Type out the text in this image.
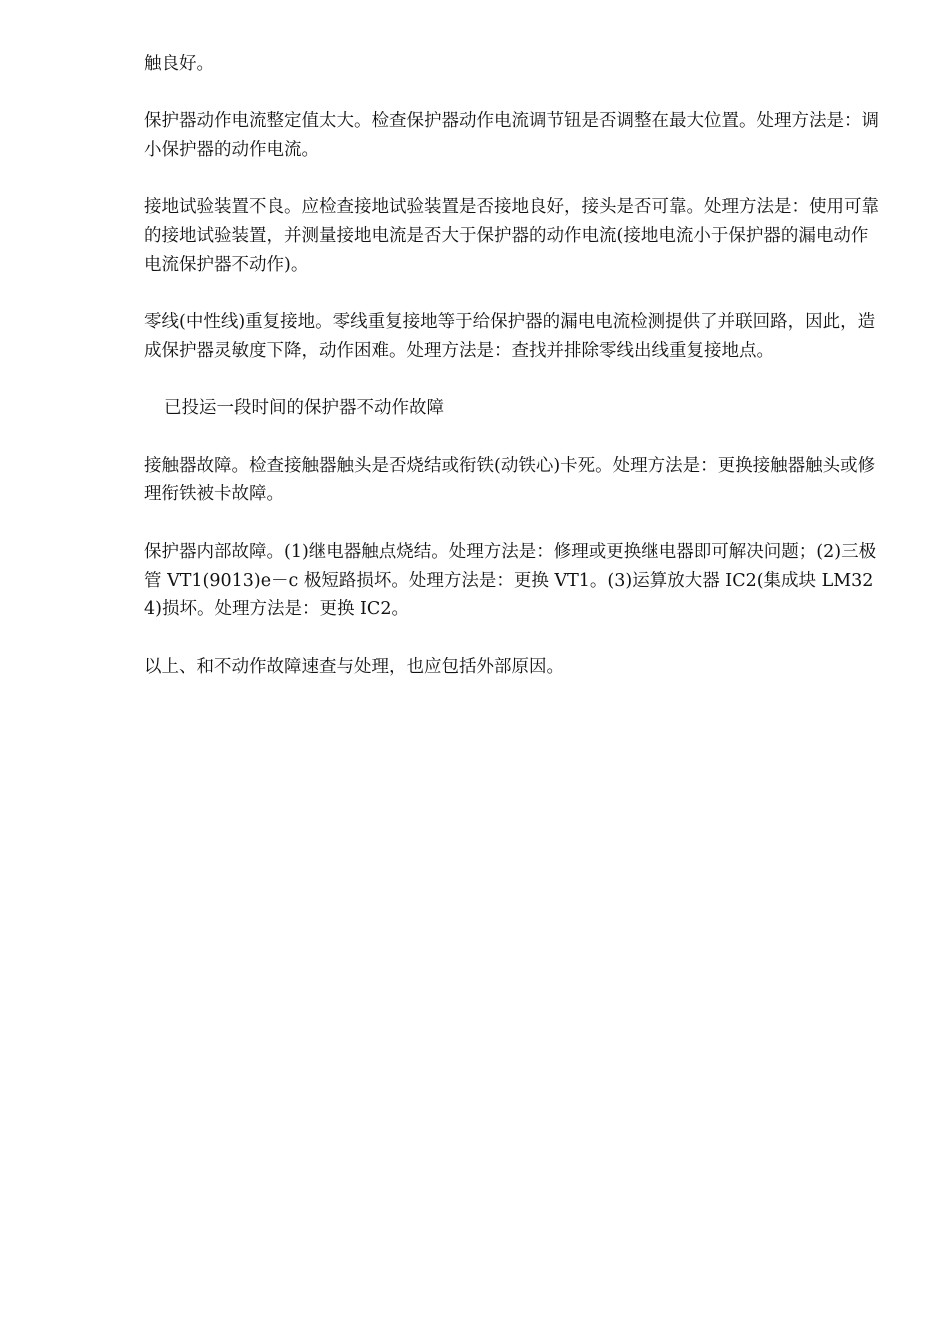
触良好。

保护器动作电流整定值太大。检查保护器动作电流调节钮是否调整在最大位置。处理方法是：调小保护器的动作电流。

接地试验装置不良。应检查接地试验装置是否接地良好，接头是否可靠。处理方法是：使用可靠的接地试验装置，并测量接地电流是否大于保护器的动作电流(接地电流小于保护器的漏电动作电流保护器不动作)。

零线(中性线)重复接地。零线重复接地等于给保护器的漏电电流检测提供了并联回路，因此，造成保护器灵敏度下降，动作困难。处理方法是：查找并排除零线出线重复接地点。

已投运一段时间的保护器不动作故障

接触器故障。检查接触器触头是否烧结或衔铁(动铁心)卡死。处理方法是：更换接触器触头或修理衔铁被卡故障。

保护器内部故障。(1)继电器触点烧结。处理方法是：修理或更换继电器即可解决问题；(2)三极管 VT1(9013)e－c 极短路损坏。处理方法是：更换 VT1。(3)运算放大器 IC2(集成块 LM324)损坏。处理方法是：更换 IC2。

以上、和不动作故障速查与处理，也应包括外部原因。
